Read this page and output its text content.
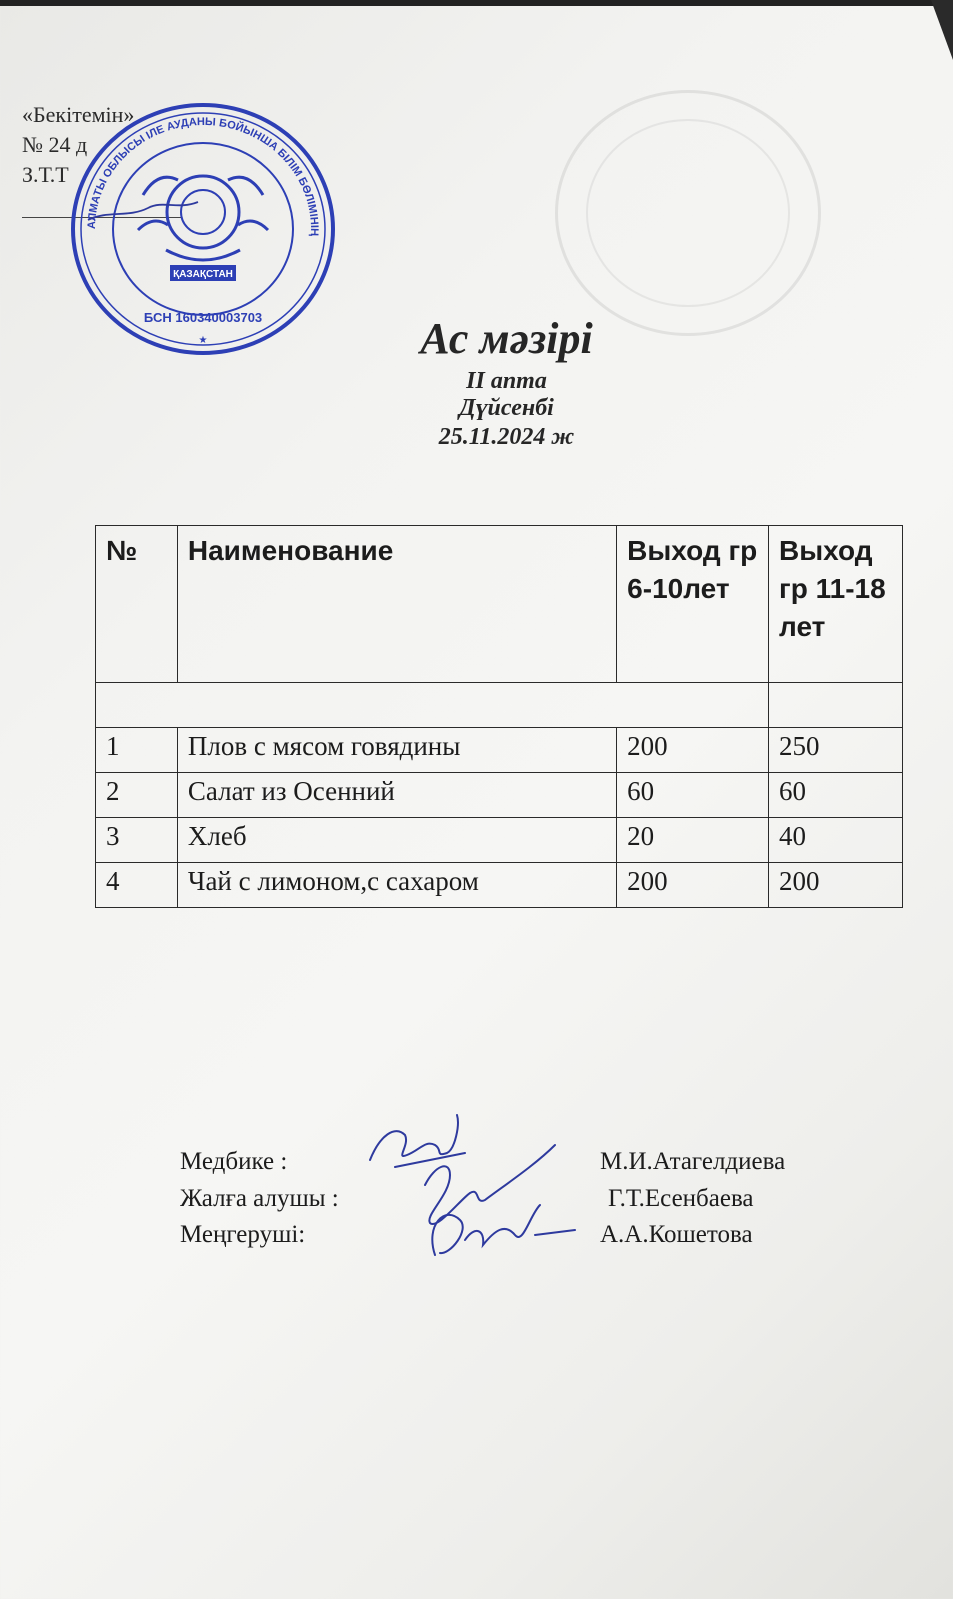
«Бекітемін»
№ 24 д
З.Т.Т
АЛМАТЫ ОБЛЫСЫ ІЛЕ АУДАНЫ БОЙЫНША БІЛІМ БӨЛІМІНІҢ
ҚАЗАҚСТАН
БСН 160340003703
★	Ас мәзірі
II апта
Дүйсенбі
25.11.2024 ж
№	Наименование	Выход гр 6-10лет	Выход гр 11-18 лет

1	Плов с мясом говядины	200	250
2	Салат из Осенний	60	60
3	Хлеб	20	40
4	Чай с лимоном,с сахаром	200	200
Медбике :	М.И.Атагелдиева
Жалға алушы :	Г.Т.Есенбаева
Меңгеруші:	А.А.Кошетова
